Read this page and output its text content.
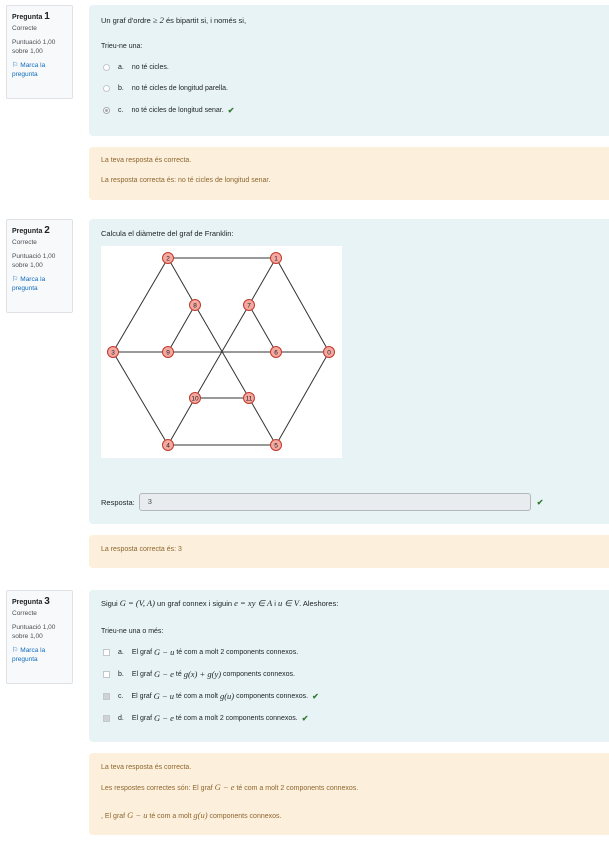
Pregunta 1
Correcte
Puntuació 1,00
sobre 1,00
⚐ Marca la
pregunta
Un graf d'ordre ≥ 2 és bipartit si, i només si,
Trieu-ne una:
a. no té cicles.
b. no té cicles de longitud parella.
c. no té cicles de longitud senar. ✔
La teva resposta és correcta.
La resposta correcta és: no té cicles de longitud senar.
Pregunta 2
Correcte
Puntuació 1,00
sobre 1,00
⚐ Marca la
pregunta
Calcula el diàmetre del graf de Franklin:
0
1
2
3
4	5
6
7
8
9
10	11
Resposta:	3	✔
La resposta correcta és: 3
Pregunta 3
Correcte
Puntuació 1,00
sobre 1,00
⚐ Marca la
pregunta
Sigui G = (V, A) un graf connex i siguin e = xy ∈ A i u ∈ V. Aleshores:
Trieu-ne una o més:
a. El graf
G − u
té com a molt 2 components connexos.
b. El graf
G − e
té
g(x) + g(y)
components connexos.
c. El graf
G − u
té com a molt
g(u)
components connexos. ✔
d. El graf
G − e
té com a molt 2 components connexos. ✔
La teva resposta és correcta.
Les respostes correctes són: El graf G − e té com a molt 2 components connexos.
, El graf G − u té com a molt g(u) components connexos.
